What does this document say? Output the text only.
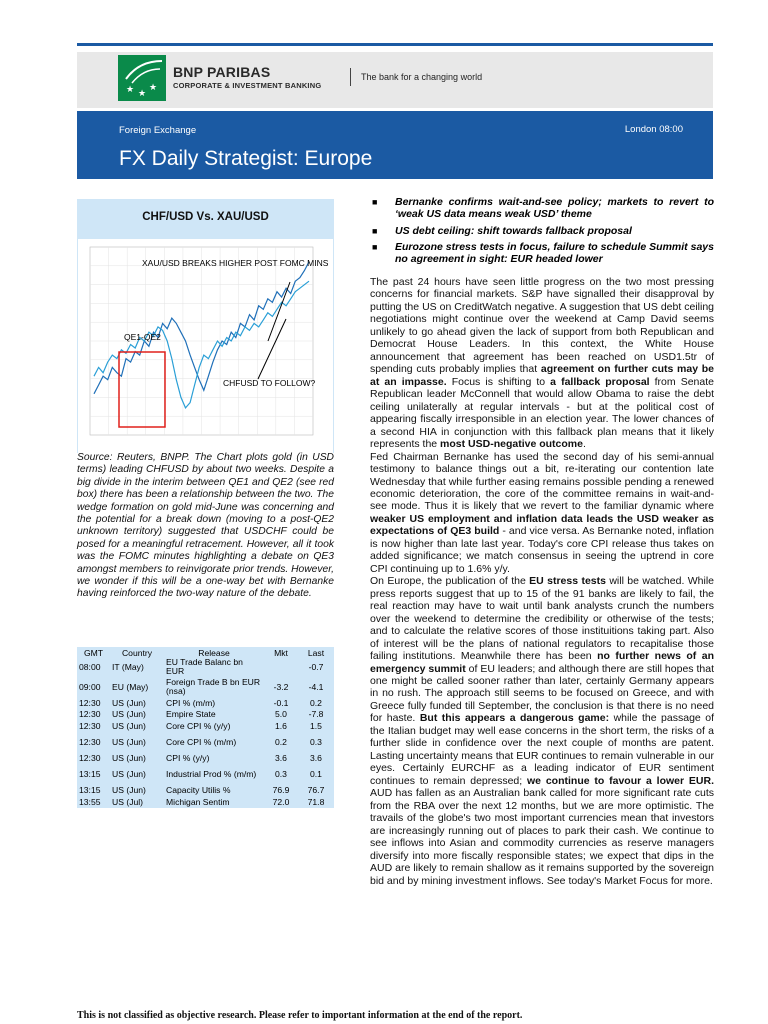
★ ★
★
BNP PARIBAS
CORPORATE & INVESTMENT BANKING
The bank for a changing world
Foreign Exchange	London 08:00
FX Daily Strategist: Europe
CHF/USD Vs. XAU/USD
XAU/USD BREAKS HIGHER POST FOMC MINS
QE1-QE2
CHFUSD TO FOLLOW?
Source: Reuters, BNPP. The Chart plots gold (in USD terms) leading CHFUSD by about two weeks. Despite a big divide in the interim between QE1 and QE2 (see red box) there has been a relationship between the two. The wedge formation on gold mid-June was concerning and the potential for a break down (moving to a post-QE2 unknown territory) suggested that USDCHF could be posed for a meaningful retracement. However, all it took was the FOMC minutes highlighting a debate on QE3 amongst members to reinvigorate prior trends. However, we wonder if this will be a one-way bet with Bernanke having reinforced the two-way nature of the debate.
GMT	Country	Release	Mkt	Last
08:00	IT (May)	EU Trade Balanc bn EUR		-0.7
09:00	EU (May)	Foreign Trade B bn EUR (nsa)	-3.2	-4.1
12:30	US (Jun)	CPI % (m/m)	-0.1	0.2
12:30	US (Jun)	Empire State	5.0	-7.8
12:30	US (Jun)	Core CPI % (y/y)	1.6	1.5
12:30	US (Jun)	Core CPI % (m/m)	0.2	0.3
12:30	US (Jun)	CPI % (y/y)	3.6	3.6
13:15	US (Jun)	Industrial Prod % (m/m)	0.3	0.1
13:15	US (Jun)	Capacity Utilis %	76.9	76.7
13:55	US (Jul)	Michigan Sentim	72.0	71.8
■ Bernanke confirms wait-and-see policy; markets to revert to ‘weak US data means weak USD’ theme
■ US debt ceiling: shift towards fallback proposal
■ Eurozone stress tests in focus, failure to schedule Summit says no agreement in sight: EUR headed lower

The past 24 hours have seen little progress on the two most pressing concerns for financial markets. S&P have signalled their disapproval by putting the US on CreditWatch negative. A suggestion that US debt ceiling negotiations might continue over the weekend at Camp David seems unlikely to go ahead given the lack of support from both Republican and Democrat House Leaders. In this context, the White House announcement that agreement has been reached on USD1.5tr of spending cuts probably implies that agreement on further cuts may be at an impasse. Focus is shifting to a fallback proposal from Senate Republican leader McConnell that would allow Obama to raise the debt ceiling unilaterally at regular intervals - but at the political cost of appearing fiscally irresponsible in an election year. The lower chances of a second HIA in conjunction with this fallback plan means that it likely represents the most USD-negative outcome.

Fed Chairman Bernanke has used the second day of his semi-annual testimony to balance things out a bit, re-iterating our contention late Wednesday that while further easing remains possible pending a renewed economic deterioration, the core of the committee remains in wait-and-see mode. Thus it is likely that we revert to the familiar dynamic where weaker US employment and inflation data leads the USD weaker as expectations of QE3 build - and vice versa. As Bernanke noted, inflation is now higher than late last year. Today's core CPI release thus takes on added significance; we match consensus in seeing the uptrend in core CPI continuing up to 1.6% y/y.

On Europe, the publication of the EU stress tests will be watched. While press reports suggest that up to 15 of the 91 banks are likely to fail, the real reaction may have to wait until bank analysts crunch the numbers over the weekend to determine the credibility or otherwise of the tests; and to calculate the relative scores of those instituitions taking part. Also of interest will be the plans of national regulators to recapitalise those failing institutions. Meanwhile there has been no further news of an emergency summit of EU leaders; and although there are still hopes that one might be called sooner rather than later, certainly Germany appears in no rush. The approach still seems to be focused on Greece, and with Greece fully funded till September, the conclusion is that there is no need for haste. But this appears a dangerous game: while the passage of the Italian budget may well ease concerns in the short term, the risks of a further slide in confidence over the next couple of months are patent. Lasting uncertainty means that EUR continues to remain vulnerable in our eyes. Certainly EURCHF as a leading indicator of EUR sentiment continues to remain depressed; we continue to favour a lower EUR. AUD has fallen as an Australian bank called for more significant rate cuts from the RBA over the next 12 months, but we are more optimistic. The travails of the globe's two most important currencies mean that investors are increasingly running out of places to park their cash. We continue to see inflows into Asian and commodity currencies as reserve managers diversify into more fiscally responsible states; we expect that dips in the AUD are likely to remain shallow as it remains supported by the sovereign bid and by mining investment inflows. See today's Market Focus for more.

This is not classified as objective research. Please refer to important information at the end of the report.
